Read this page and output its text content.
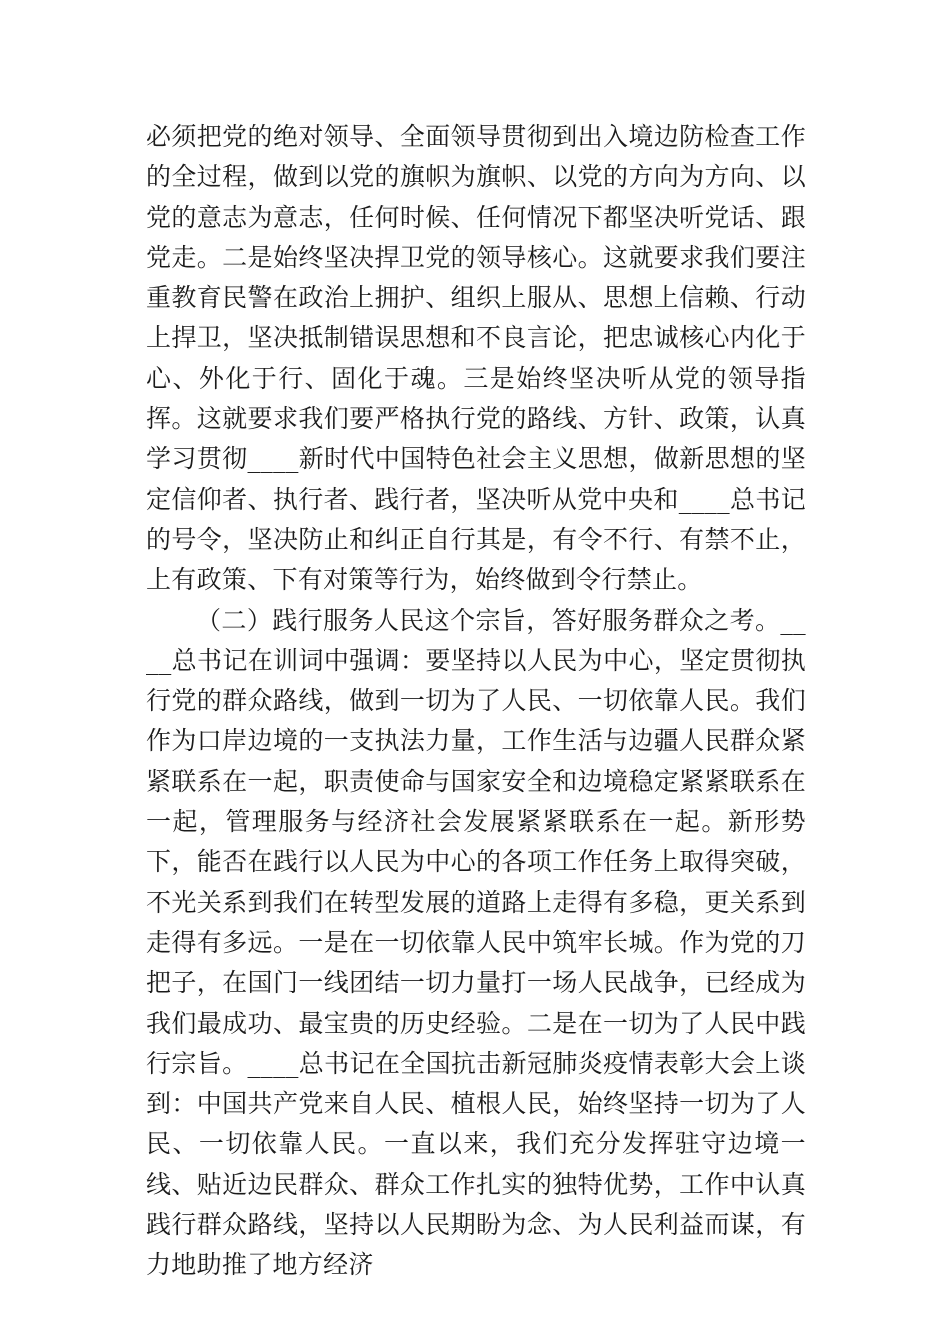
必须把党的绝对领导、全面领导贯彻到出入境边防检查工作的全过程，做到以党的旗帜为旗帜、以党的方向为方向、以党的意志为意志，任何时候、任何情况下都坚决听党话、跟党走。二是始终坚决捍卫党的领导核心。这就要求我们要注重教育民警在政治上拥护、组织上服从、思想上信赖、行动上捍卫，坚决抵制错误思想和不良言论，把忠诚核心内化于心、外化于行、固化于魂。三是始终坚决听从党的领导指挥。这就要求我们要严格执行党的路线、方针、政策，认真学习贯彻____新时代中国特色社会主义思想，做新思想的坚定信仰者、执行者、践行者，坚决听从党中央和____总书记的号令，坚决防止和纠正自行其是，有令不行、有禁不止，上有政策、下有对策等行为，始终做到令行禁止。

（二）践行服务人民这个宗旨，答好服务群众之考。____总书记在训词中强调：要坚持以人民为中心，坚定贯彻执行党的群众路线，做到一切为了人民、一切依靠人民。我们作为口岸边境的一支执法力量，工作生活与边疆人民群众紧紧联系在一起，职责使命与国家安全和边境稳定紧紧联系在一起，管理服务与经济社会发展紧紧联系在一起。新形势下，能否在践行以人民为中心的各项工作任务上取得突破，不光关系到我们在转型发展的道路上走得有多稳，更关系到走得有多远。一是在一切依靠人民中筑牢长城。作为党的刀把子，在国门一线团结一切力量打一场人民战争，已经成为我们最成功、最宝贵的历史经验。二是在一切为了人民中践行宗旨。____总书记在全国抗击新冠肺炎疫情表彰大会上谈到：中国共产党来自人民、植根人民，始终坚持一切为了人民、一切依靠人民。一直以来，我们充分发挥驻守边境一线、贴近边民群众、群众工作扎实的独特优势，工作中认真践行群众路线，坚持以人民期盼为念、为人民利益而谋，有力地助推了地方经济
